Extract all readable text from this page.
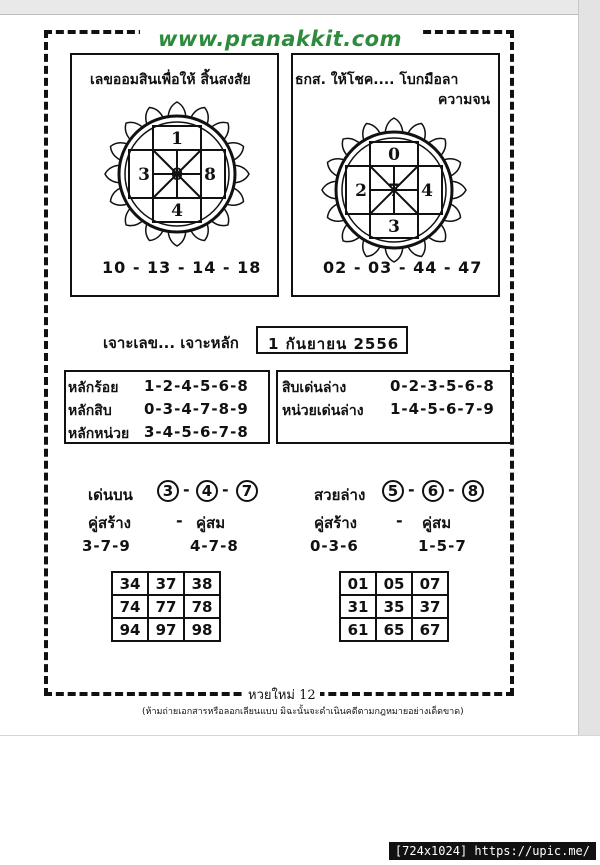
www.pranakkit.com
เลขออมสินเพื่อให้ สิ้นสงสัย
1
3 0 8
4
10 - 13 - 14 - 18
ธกส. ให้โชค.... โบกมือลา
ความจน
0
2 7 4
3
02 - 03 - 44 - 47
เจาะเลข... เจาะหลัก 1 กันยายน 2556
หลักร้อย 1-2-4-5-6-8
หลักสิบ 0-3-4-7-8-9
หลักหน่วย 3-4-5-6-7-8
สิบเด่นล่าง	0-2-3-5-6-8
หน่วยเด่นล่าง 1-4-5-6-7-9
เด่นบน	3 - 4 - 7
คู่สร้าง	- คู่สม
3-7-9	4-7-8
34	37	38
74	77	78
94	97	98
สวยล่าง	5 - 6 - 8
คู่สร้าง - คู่สม
0-3-6	1-5-7
01	05	07
31	35	37
61	65	67
หวยใหม่ 12
(ห้ามถ่ายเอกสารหรือลอกเลียนแบบ มิฉะนั้นจะดำเนินคดีตามกฎหมายอย่างเด็ดขาด)
[724x1024] https://upic.me/
